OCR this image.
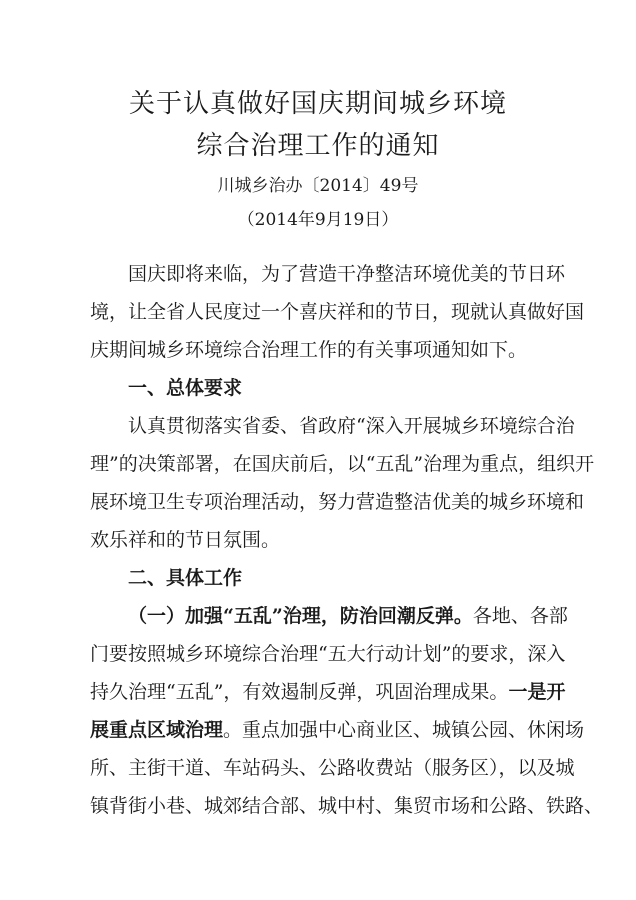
关于认真做好国庆期间城乡环境
综合治理工作的通知
川城乡治办〔2014〕49号
（2014年9月19日）
国庆即将来临，为了营造干净整洁环境优美的节日环
境，让全省人民度过一个喜庆祥和的节日，现就认真做好国
庆期间城乡环境综合治理工作的有关事项通知如下。
一、总体要求
认真贯彻落实省委、省政府“深入开展城乡环境综合治
理”的决策部署，在国庆前后，以“五乱”治理为重点，组织开
展环境卫生专项治理活动，努力营造整洁优美的城乡环境和
欢乐祥和的节日氛围。
二、具体工作
（一）加强“五乱”治理，防治回潮反弹。各地、各部
门要按照城乡环境综合治理“五大行动计划”的要求，深入
持久治理“五乱”，有效遏制反弹，巩固治理成果。一是开
展重点区域治理。重点加强中心商业区、城镇公园、休闲场
所、主街干道、车站码头、公路收费站（服务区），以及城
镇背街小巷、城郊结合部、城中村、集贸市场和公路、铁路、
